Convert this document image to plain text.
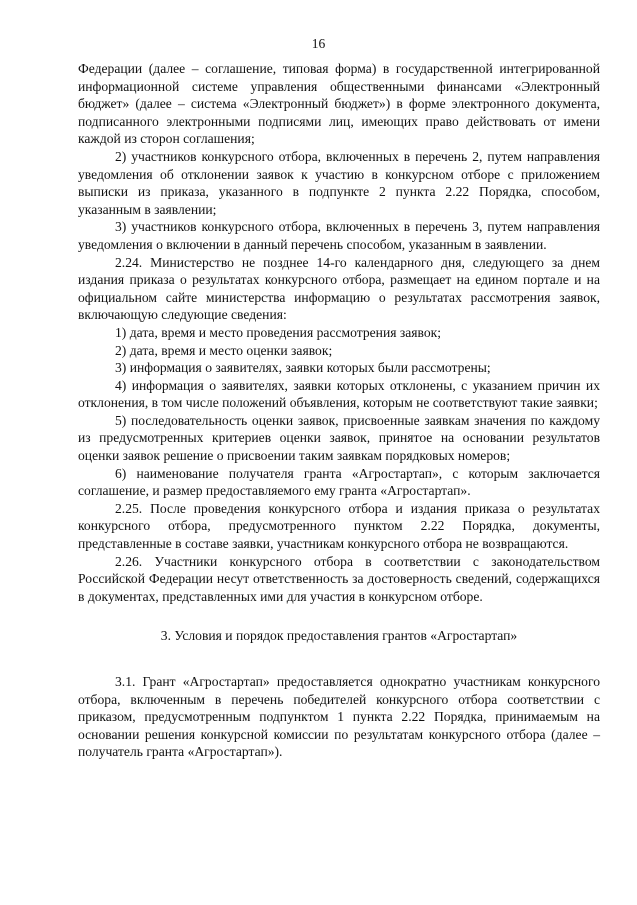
16

Федерации (далее – соглашение, типовая форма) в государственной интегрированной информационной системе управления общественными финансами «Электронный бюджет» (далее – система «Электронный бюджет») в форме электронного документа, подписанного электронными подписями лиц, имеющих право действовать от имени каждой из сторон соглашения;

2) участников конкурсного отбора, включенных в перечень 2, путем направления уведомления об отклонении заявок к участию в конкурсном отборе с приложением выписки из приказа, указанного в подпункте 2 пункта 2.22 Порядка, способом, указанным в заявлении;

3) участников конкурсного отбора, включенных в перечень 3, путем направления уведомления о включении в данный перечень способом, указанным в заявлении.

2.24. Министерство не позднее 14-го календарного дня, следующего за днем издания приказа о результатах конкурсного отбора, размещает на едином портале и на официальном сайте министерства информацию о результатах рассмотрения заявок, включающую следующие сведения:

1) дата, время и место проведения рассмотрения заявок;

2) дата, время и место оценки заявок;

3) информация о заявителях, заявки которых были рассмотрены;

4) информация о заявителях, заявки которых отклонены, с указанием причин их отклонения, в том числе положений объявления, которым не соответствуют такие заявки;

5) последовательность оценки заявок, присвоенные заявкам значения по каждому из предусмотренных критериев оценки заявок, принятое на основании результатов оценки заявок решение о присвоении таким заявкам порядковых номеров;

6) наименование получателя гранта «Агростартап», с которым заключается соглашение, и размер предоставляемого ему гранта «Агростартап».

2.25. После проведения конкурсного отбора и издания приказа о результатах конкурсного отбора, предусмотренного пунктом 2.22 Порядка, документы, представленные в составе заявки, участникам конкурсного отбора не возвращаются.

2.26. Участники конкурсного отбора в соответствии с законодательством Российской Федерации несут ответственность за достоверность сведений, содержащихся в документах, представленных ими для участия в конкурсном отборе.

3. Условия и порядок предоставления грантов «Агростартап»

3.1. Грант «Агростартап» предоставляется однократно участникам конкурсного отбора, включенным в перечень победителей конкурсного отбора соответствии с приказом, предусмотренным подпунктом 1 пункта 2.22 Порядка, принимаемым на основании решения конкурсной комиссии по результатам конкурсного отбора (далее – получатель гранта «Агростартап»).
